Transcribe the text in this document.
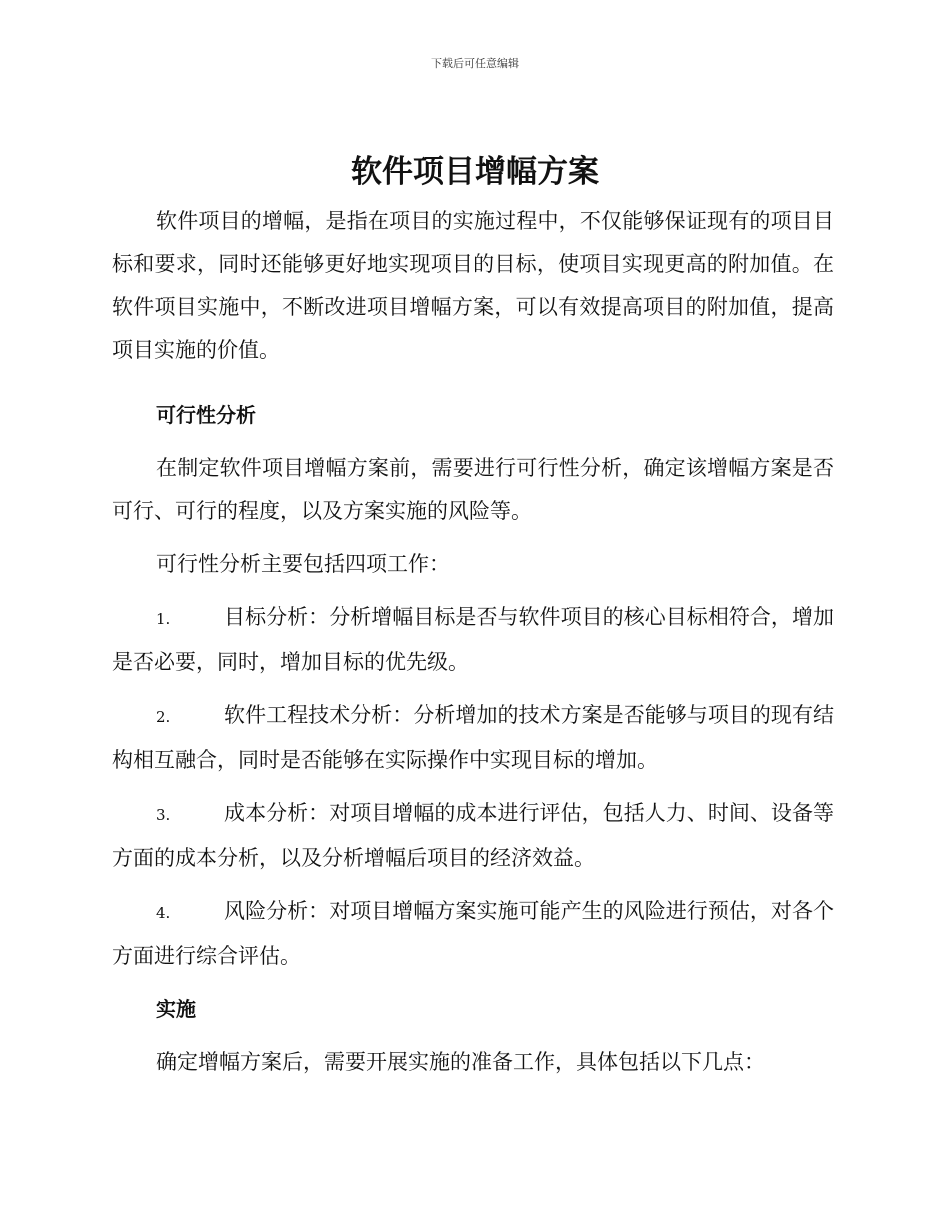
下载后可任意编辑
软件项目增幅方案

软件项目的增幅，是指在项目的实施过程中，不仅能够保证现有的项目目标和要求，同时还能够更好地实现项目的目标，使项目实现更高的附加值。在软件项目实施中，不断改进项目增幅方案，可以有效提高项目的附加值，提高项目实施的价值。

可行性分析

在制定软件项目增幅方案前，需要进行可行性分析，确定该增幅方案是否可行、可行的程度，以及方案实施的风险等。

可行性分析主要包括四项工作：

1.	目标分析：分析增幅目标是否与软件项目的核心目标相符合，增加是否必要，同时，增加目标的优先级。

2.	软件工程技术分析：分析增加的技术方案是否能够与项目的现有结构相互融合，同时是否能够在实际操作中实现目标的增加。

3.	成本分析：对项目增幅的成本进行评估，包括人力、时间、设备等方面的成本分析，以及分析增幅后项目的经济效益。

4.	风险分析：对项目增幅方案实施可能产生的风险进行预估，对各个方面进行综合评估。

实施

确定增幅方案后，需要开展实施的准备工作，具体包括以下几点：
